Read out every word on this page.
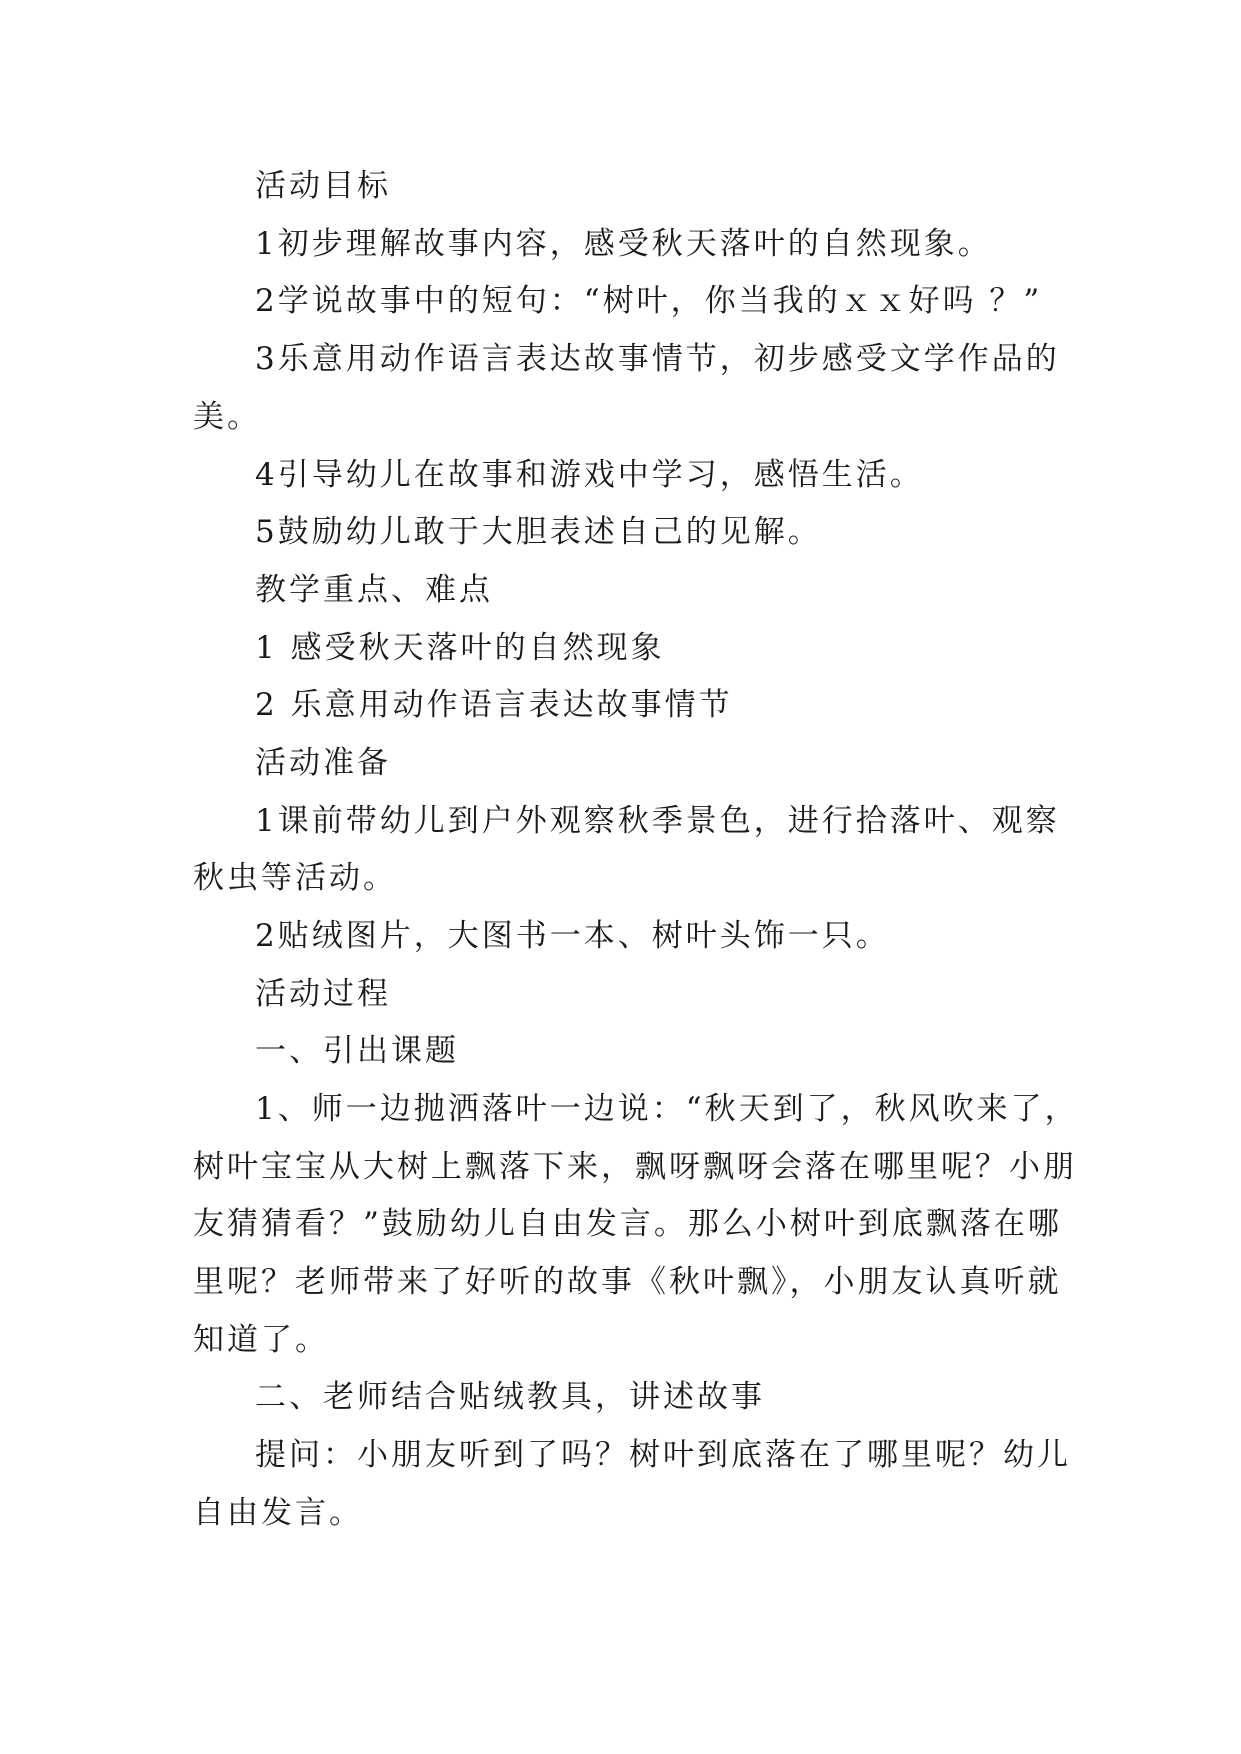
活动目标
1初步理解故事内容，感受秋天落叶的自然现象。
2学说故事中的短句：“树叶，你当我的ｘｘ好吗 ？”
3乐意用动作语言表达故事情节，初步感受文学作品的
美。
4引导幼儿在故事和游戏中学习，感悟生活。
5鼓励幼儿敢于大胆表述自己的见解。
教学重点、难点
1 感受秋天落叶的自然现象
2 乐意用动作语言表达故事情节
活动准备
1课前带幼儿到户外观察秋季景色，进行拾落叶、观察
秋虫等活动。
2贴绒图片，大图书一本、树叶头饰一只。
活动过程
一、引出课题
1、师一边抛洒落叶一边说：“秋天到了，秋风吹来了，
树叶宝宝从大树上飘落下来，飘呀飘呀会落在哪里呢？小朋
友猜猜看？”鼓励幼儿自由发言。那么小树叶到底飘落在哪
里呢？老师带来了好听的故事《秋叶飘》，小朋友认真听就
知道了。
二、老师结合贴绒教具，讲述故事
提问：小朋友听到了吗？树叶到底落在了哪里呢？幼儿
自由发言。
